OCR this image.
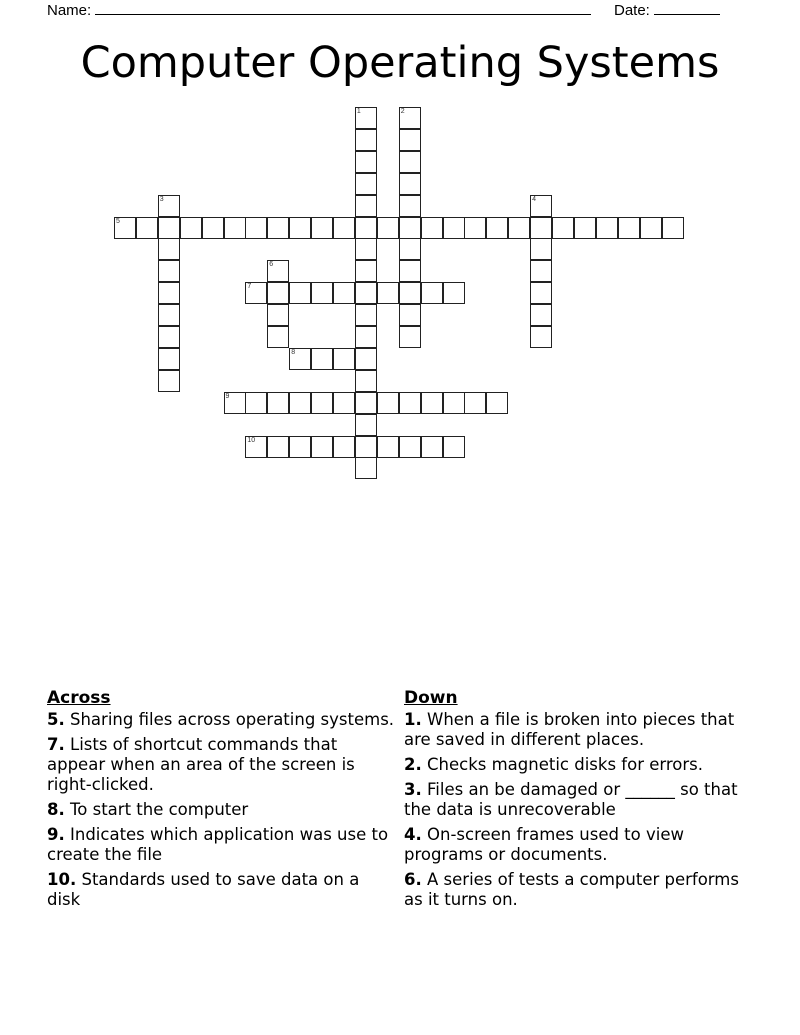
Name:	Date:
Computer Operating Systems
1	2
3	4
5
6
7
8
9
10
Across
5. Sharing files across operating systems.
7. Lists of shortcut commands that appear when an area of the screen is right-clicked.
8. To start the computer
9. Indicates which application was use to create the file
10. Standards used to save data on a disk
Down
1. When a file is broken into pieces that are saved in different places.
2. Checks magnetic disks for errors.
3. Files an be damaged or ______ so that the data is unrecoverable
4. On-screen frames used to view programs or documents.
6. A series of tests a computer performs as it turns on.
